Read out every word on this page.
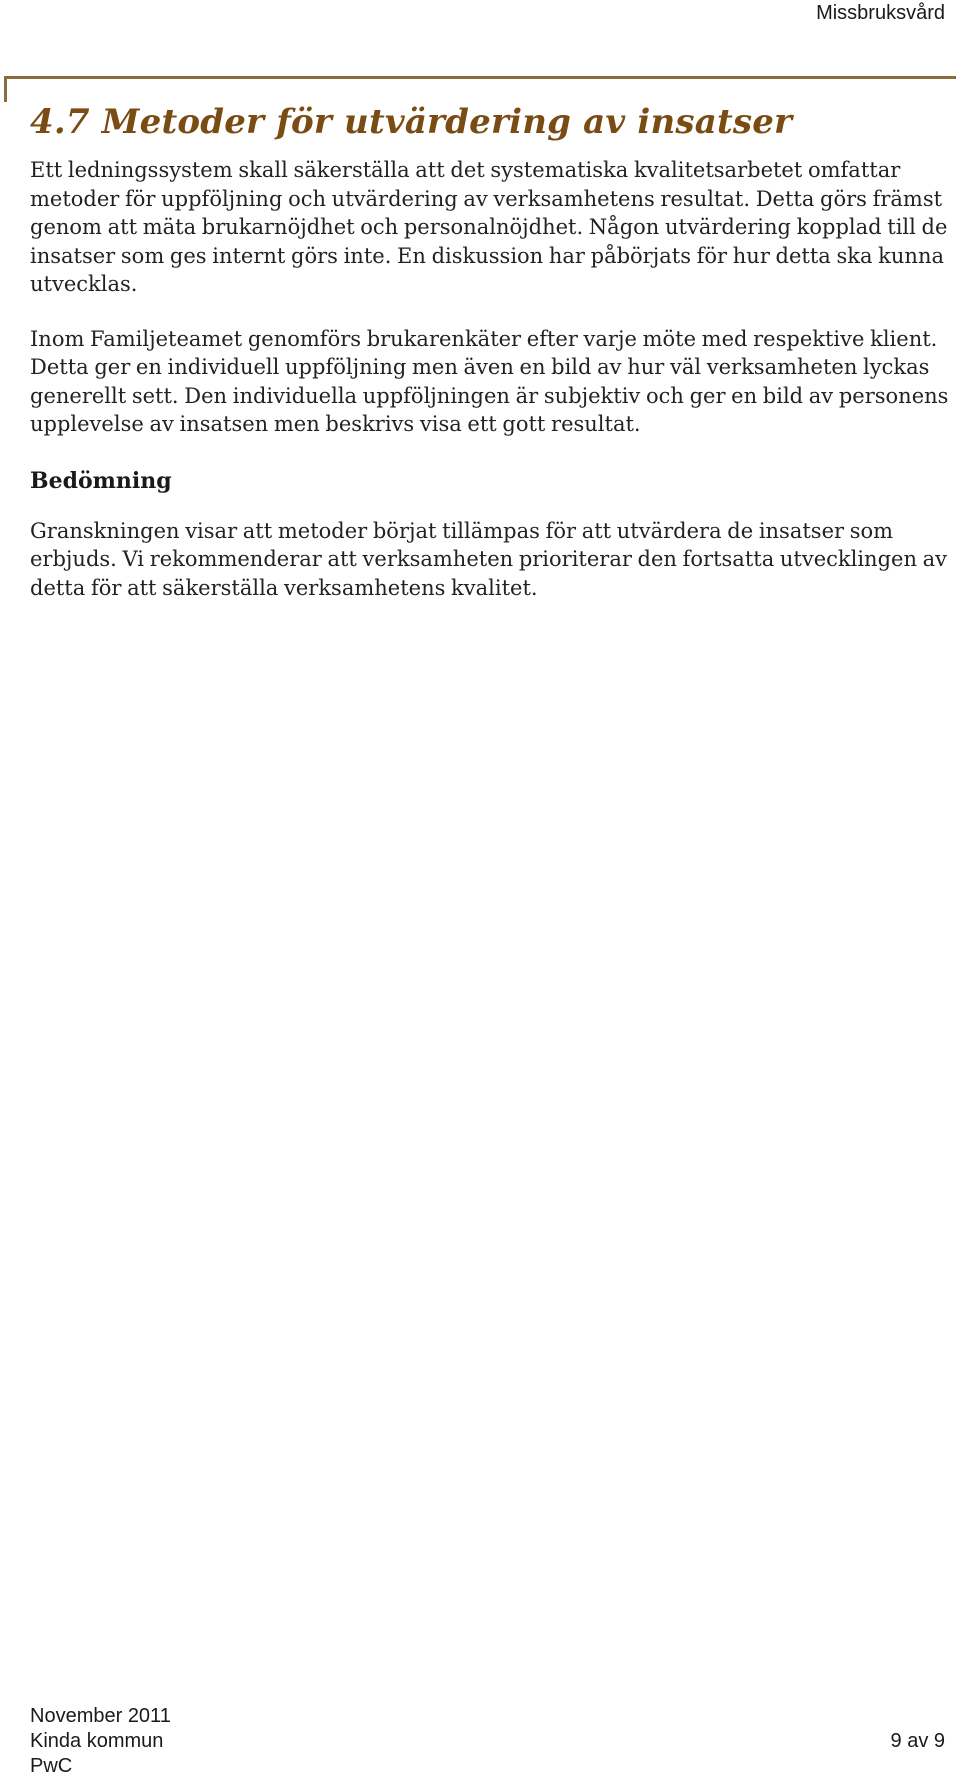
Missbruksvård
4.7 Metoder för utvärdering av insatser

Ett ledningssystem skall säkerställa att det systematiska kvalitetsarbetet omfattar metoder för uppföljning och utvärdering av verksamhetens resultat. Detta görs främst genom att mäta brukarnöjdhet och personalnöjdhet. Någon utvärdering kopplad till de insatser som ges internt görs inte. En diskussion har påbörjats för hur detta ska kunna utvecklas.

Inom Familjeteamet genomförs brukarenkäter efter varje möte med respektive klient. Detta ger en individuell uppföljning men även en bild av hur väl verksamheten lyckas generellt sett. Den individuella uppföljningen är subjektiv och ger en bild av personens upplevelse av insatsen men beskrivs visa ett gott resultat.

Bedömning

Granskningen visar att metoder börjat tillämpas för att utvärdera de insatser som erbjuds. Vi rekommenderar att verksamheten prioriterar den fortsatta utvecklingen av detta för att säkerställa verksamhetens kvalitet.

November 2011
Kinda kommun
PwC
9 av 9
